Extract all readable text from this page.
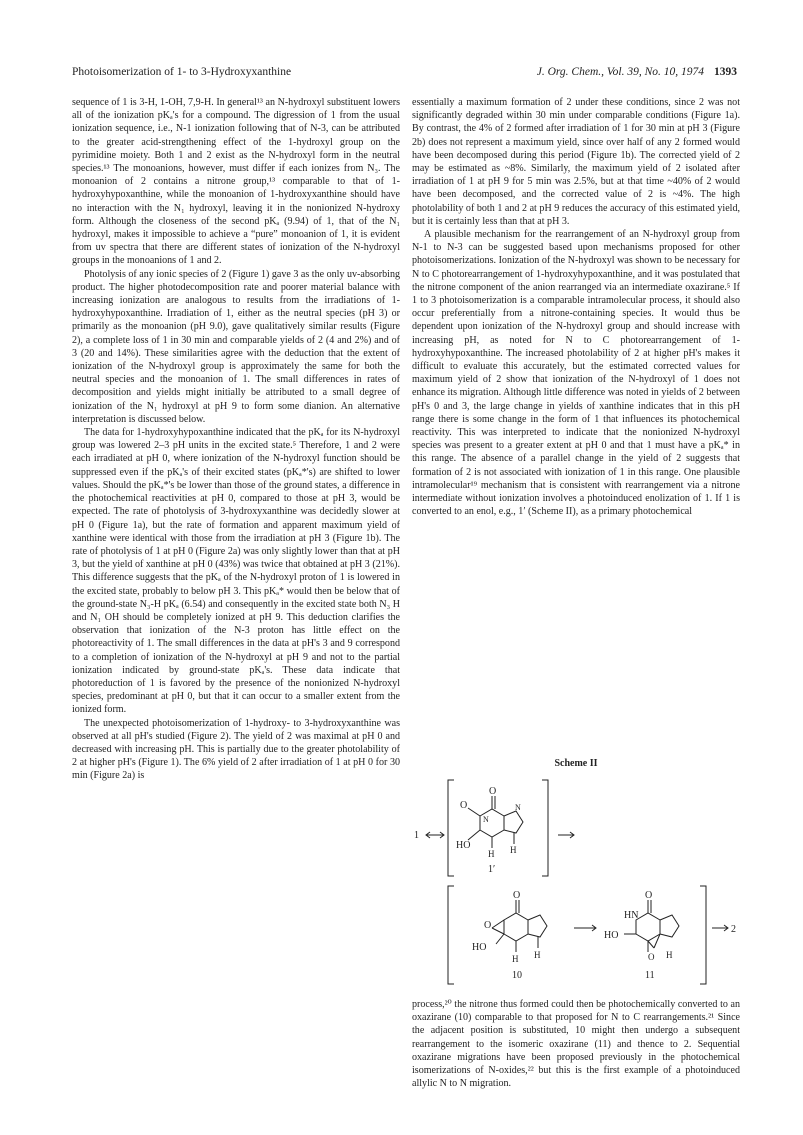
Photoisomerization of 1- to 3-Hydroxyxanthine	J. Org. Chem., Vol. 39, No. 10, 1974 1393

sequence of 1 is 3-H, 1-OH, 7,9-H. In general¹³ an N-hydroxyl substituent lowers all of the ionization pKₐ's for a compound. The digression of 1 from the usual ionization sequence, i.e., N-1 ionization following that of N-3, can be attributed to the greater acid-strengthening effect of the 1-hydroxyl group on the pyrimidine moiety. Both 1 and 2 exist as the N-hydroxyl form in the neutral species.¹³ The monoanions, however, must differ if each ionizes from N₃. The monoanion of 2 contains a nitrone group,¹³ comparable to that of 1-hydroxyhypoxanthine, while the monoanion of 1-hydroxyxanthine should have no interaction with the N₁ hydroxyl, leaving it in the nonionized N-hydroxy form. Although the closeness of the second pKₐ (9.94) of 1, that of the N₁ hydroxyl, makes it impossible to achieve a “pure” monoanion of 1, it is evident from uv spectra that there are different states of ionization of the N-hydroxyl groups in the monoanions of 1 and 2.

Photolysis of any ionic species of 2 (Figure 1) gave 3 as the only uv-absorbing product. The higher photodecomposition rate and poorer material balance with increasing ionization are analogous to results from the irradiations of 1-hydroxyhypoxanthine. Irradiation of 1, either as the neutral species (pH 3) or primarily as the monoanion (pH 9.0), gave qualitatively similar results (Figure 2), a complete loss of 1 in 30 min and comparable yields of 2 (4 and 2%) and of 3 (20 and 14%). These similarities agree with the deduction that the extent of ionization of the N-hydroxyl group is approximately the same for both the neutral species and the monoanion of 1. The small differences in rates of decomposition and yields might initially be attributed to a small degree of ionization of the N₁ hydroxyl at pH 9 to form some dianion. An alternative interpretation is discussed below.

The data for 1-hydroxyhypoxanthine indicated that the pKₐ for its N-hydroxyl group was lowered 2–3 pH units in the excited state.⁵ Therefore, 1 and 2 were each irradiated at pH 0, where ionization of the N-hydroxyl function should be suppressed even if the pKₐ's of their excited states (pKₐ*'s) are shifted to lower values. Should the pKₐ*'s be lower than those of the ground states, a difference in the photochemical reactivities at pH 0, compared to those at pH 3, would be expected. The rate of photolysis of 3-hydroxyxanthine was decidedly slower at pH 0 (Figure 1a), but the rate of formation and apparent maximum yield of xanthine were identical with those from the irradiation at pH 3 (Figure 1b). The rate of photolysis of 1 at pH 0 (Figure 2a) was only slightly lower than that at pH 3, but the yield of xanthine at pH 0 (43%) was twice that obtained at pH 3 (21%). This difference suggests that the pKₐ of the N-hydroxyl proton of 1 is lowered in the excited state, probably to below pH 3. This pKₐ* would then be below that of the ground-state N₃-H pKₐ (6.54) and consequently in the excited state both N₃ H and N₁ OH should be completely ionized at pH 9. This deduction clarifies the observation that ionization of the N-3 proton has little effect on the photoreactivity of 1. The small differences in the data at pH's 3 and 9 correspond to a completion of ionization of the N-hydroxyl at pH 9 and not to the partial ionization indicated by ground-state pKₐ's. These data indicate that photoreduction of 1 is favored by the presence of the nonionized N-hydroxyl species, predominant at pH 0, but that it can occur to a smaller extent from the ionized form.

The unexpected photoisomerization of 1-hydroxy- to 3-hydroxyxanthine was observed at all pH's studied (Figure 2). The yield of 2 was maximal at pH 0 and decreased with increasing pH. This is partially due to the greater photolability of 2 at higher pH's (Figure 1). The 6% yield of 2 after irradiation of 1 at pH 0 for 30 min (Figure 2a) is

essentially a maximum formation of 2 under these conditions, since 2 was not significantly degraded within 30 min under comparable conditions (Figure 1a). By contrast, the 4% of 2 formed after irradiation of 1 for 30 min at pH 3 (Figure 2b) does not represent a maximum yield, since over half of any 2 formed would have been decomposed during this period (Figure 1b). The corrected yield of 2 may be estimated as ~8%. Similarly, the maximum yield of 2 isolated after irradiation of 1 at pH 9 for 5 min was 2.5%, but at that time ~40% of 2 would have been decomposed, and the corrected value of 2 is ~4%. The high photolability of both 1 and 2 at pH 9 reduces the accuracy of this estimated yield, but it is certainly less than that at pH 3.

A plausible mechanism for the rearrangement of an N-hydroxyl group from N-1 to N-3 can be suggested based upon mechanisms proposed for other photoisomerizations. Ionization of the N-hydroxyl was shown to be necessary for N to C photorearrangement of 1-hydroxyhypoxanthine, and it was postulated that the nitrone component of the anion rearranged via an intermediate oxazirane.⁵ If 1 to 3 photoisomerization is a comparable intramolecular process, it should also occur preferentially from a nitrone-containing species. It would thus be dependent upon ionization of the N-hydroxyl group and should increase with increasing pH, as noted for N to C photorearrangement of 1-hydroxyhypoxanthine. The increased photolability of 2 at higher pH's makes it difficult to evaluate this accurately, but the estimated corrected values for maximum yield of 2 show that ionization of the N-hydroxyl of 1 does not enhance its migration. Although little difference was noted in yields of 2 between pH's 0 and 3, the large change in yields of xanthine indicates that in this pH range there is some change in the form of 1 that influences its photochemical reactivity. This was interpreted to indicate that the nonionized N-hydroxyl species was present to a greater extent at pH 0 and that 1 must have a pKₐ* in this range. The absence of a parallel change in the yield of 2 suggests that formation of 2 is not associated with ionization of 1 in this range. One plausible intramolecular¹⁹ mechanism that is consistent with rearrangement via a nitrone intermediate without ionization involves a photoinduced enolization of 1. If 1 is converted to an enol, e.g., 1′ (Scheme II), as a primary photochemical

Scheme II
1
O
O
N
N
HO
H H
1′
O
O
HO
H H
10
O
HN
HO
O H
11
2

process,²⁰ the nitrone thus formed could then be photochemically converted to an oxazirane (10) comparable to that proposed for N to C rearrangements.²¹ Since the adjacent position is substituted, 10 might then undergo a subsequent rearrangement to the isomeric oxazirane (11) and thence to 2. Sequential oxazirane migrations have been proposed previously in the photochemical isomerizations of N-oxides,²² but this is the first example of a photoinduced allylic N to N migration.
